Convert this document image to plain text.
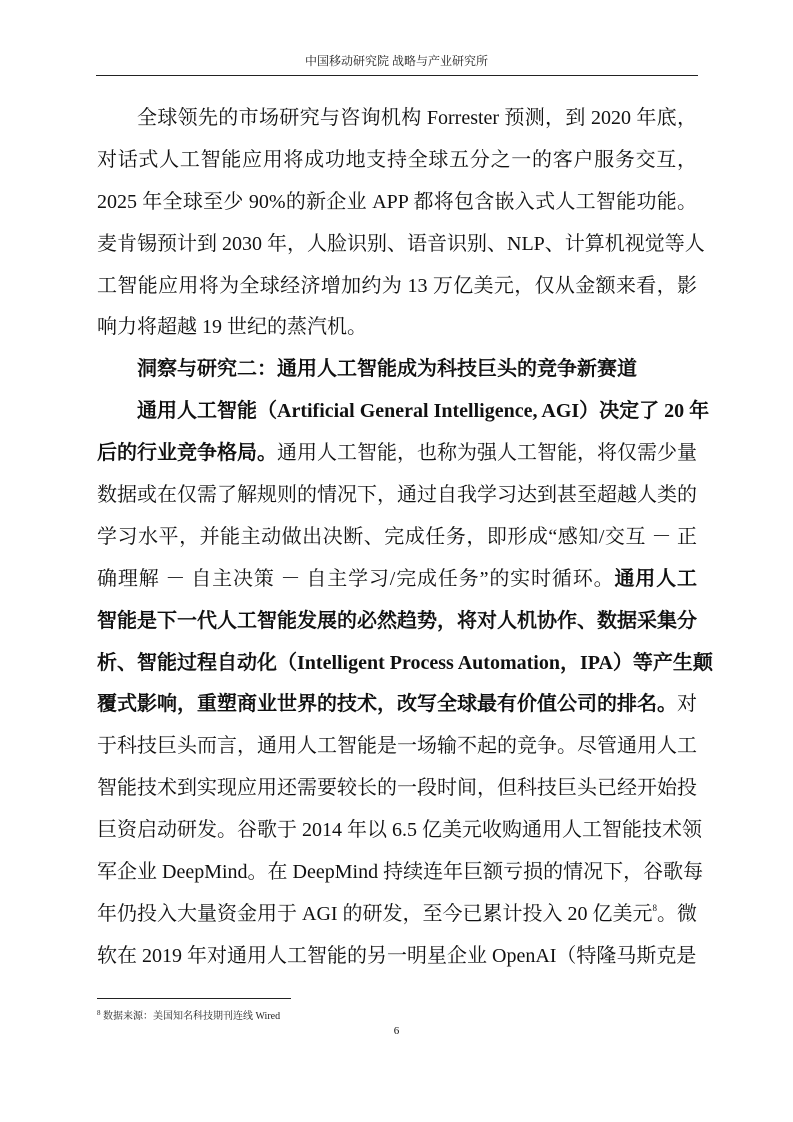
中国移动研究院 战略与产业研究所
全球领先的市场研究与咨询机构 Forrester 预测，到 2020 年底，
对话式人工智能应用将成功地支持全球五分之一的客户服务交互，
2025 年全球至少 90%的新企业 APP 都将包含嵌入式人工智能功能。
麦肯锡预计到 2030 年，人脸识别、语音识别、NLP、计算机视觉等人
工智能应用将为全球经济增加约为 13 万亿美元，仅从金额来看，影
响力将超越 19 世纪的蒸汽机。
洞察与研究二：通用人工智能成为科技巨头的竞争新赛道
通用人工智能（Artificial General Intelligence, AGI）决定了 20 年
后的行业竞争格局。通用人工智能，也称为强人工智能，将仅需少量
数据或在仅需了解规则的情况下，通过自我学习达到甚至超越人类的
学习水平，并能主动做出决断、完成任务，即形成“感知/交互 － 正
确理解 － 自主决策 － 自主学习/完成任务”的实时循环。通用人工
智能是下一代人工智能发展的必然趋势，将对人机协作、数据采集分
析、智能过程自动化（Intelligent Process Automation，IPA）等产生颠
覆式影响，重塑商业世界的技术，改写全球最有价值公司的排名。对
于科技巨头而言，通用人工智能是一场输不起的竞争。尽管通用人工
智能技术到实现应用还需要较长的一段时间，但科技巨头已经开始投
巨资启动研发。谷歌于 2014 年以 6.5 亿美元收购通用人工智能技术领
军企业 DeepMind。在 DeepMind 持续连年巨额亏损的情况下，谷歌每
年仍投入大量资金用于 AGI 的研发，至今已累计投入 20 亿美元$^8$。微
软在 2019 年对通用人工智能的另一明星企业 OpenAI（特隆马斯克是
$^8$ 数据来源：美国知名科技期刊连线 Wired
6
